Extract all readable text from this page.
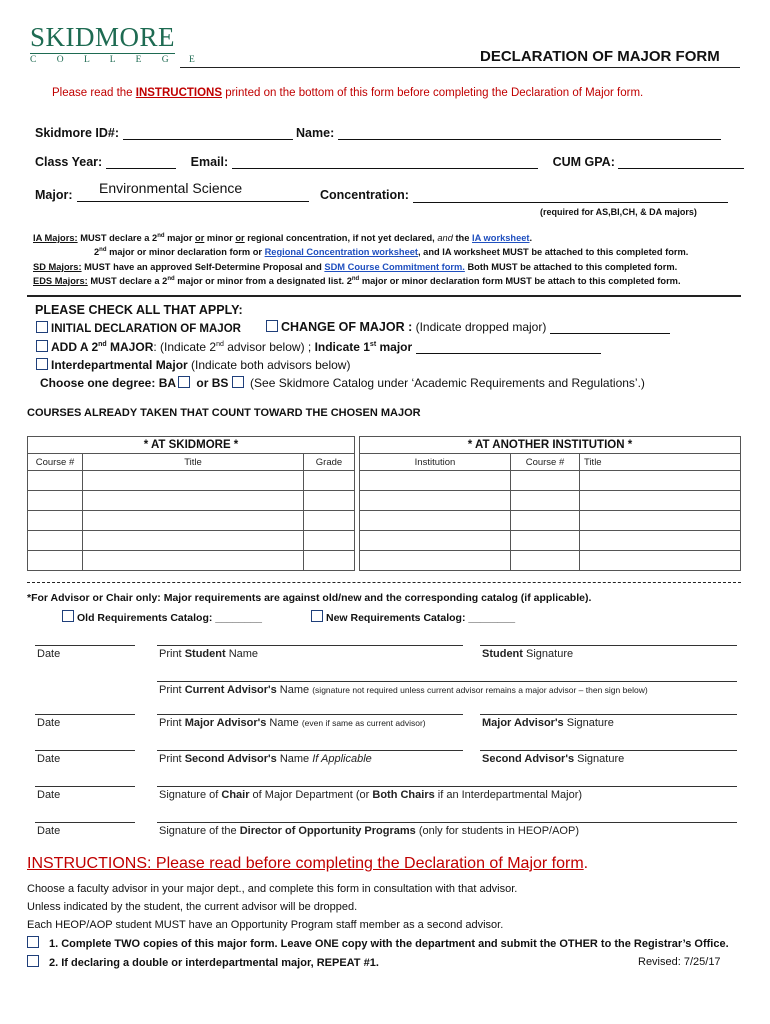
SKIDMORE
C O L L E G E	DECLARATION OF MAJOR FORM
Please read the INSTRUCTIONS printed on the bottom of this form before completing the Declaration of Major form.
Skidmore ID#:	Name:
Class Year:	Email:	CUM GPA:
Major: Environmental Science	Concentration:
(required for AS,BI,CH, & DA majors)
IA Majors: MUST declare a 2nd major or minor or regional concentration, if not yet declared, and the IA worksheet.
2nd major or minor declaration form or Regional Concentration worksheet, and IA worksheet MUST be attached to this completed form.
SD Majors: MUST have an approved Self-Determine Proposal and SDM Course Commitment form. Both MUST be attached to this completed form.
EDS Majors: MUST declare a 2nd major or minor from a designated list. 2nd major or minor declaration form MUST be attach to this completed form.
PLEASE CHECK ALL THAT APPLY:
INITIAL DECLARATION OF MAJOR	CHANGE OF MAJOR : (Indicate dropped major)
ADD A 2nd MAJOR: (Indicate 2nd advisor below) ; Indicate 1st major
Interdepartmental Major (Indicate both advisors below)
Choose one degree: BA or BS  (See Skidmore Catalog under ‘Academic Requirements and Regulations’.)
COURSES ALREADY TAKEN THAT COUNT TOWARD THE CHOSEN MAJOR
* AT SKIDMORE *				* AT ANOTHER INSTITUTION *		
Course #	Title	Grade		Institution	Course #	Title

*For Advisor or Chair only: Major requirements are against old/new and the corresponding catalog (if applicable).
Old Requirements Catalog: ________	New Requirements Catalog: ________
Date	Print Student Name	Student Signature
Print Current Advisor's Name (signature not required unless current advisor remains a major advisor – then sign below)
Date	Print Major Advisor's Name (even if same as current advisor)	Major Advisor's Signature
Date	Print Second Advisor's Name If Applicable	Second Advisor's Signature
Date	Signature of Chair of Major Department (or Both Chairs if an Interdepartmental Major)
Date	Signature of the Director of Opportunity Programs (only for students in HEOP/AOP)
INSTRUCTIONS: Please read before completing the Declaration of Major form.
Choose a faculty advisor in your major dept., and complete this form in consultation with that advisor.
Unless indicated by the student, the current advisor will be dropped.
Each HEOP/AOP student MUST have an Opportunity Program staff member as a second advisor.
1. Complete TWO copies of this major form. Leave ONE copy with the department and submit the OTHER to the Registrar’s Office.
2. If declaring a double or interdepartmental major, REPEAT #1.	Revised: 7/25/17
